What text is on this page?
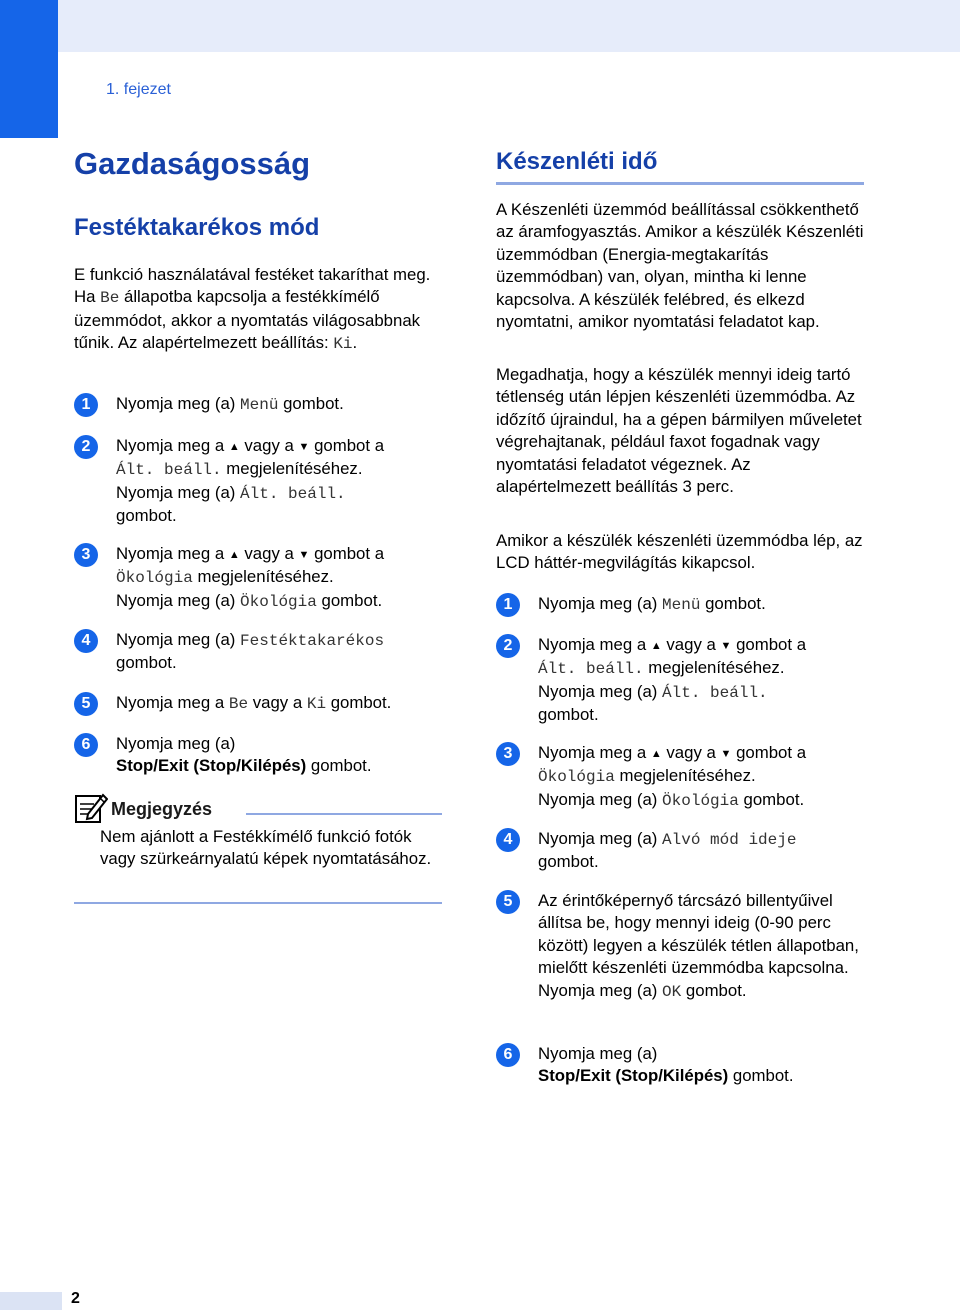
1. fejezet
Gazdaságosság
Festéktakarékos mód

E funkció használatával festéket takaríthat meg. Ha Be állapotba kapcsolja a festékkímélő üzemmódot, akkor a nyomtatás világosabbnak tűnik. Az alapértelmezett beállítás: Ki.

1	Nyomja meg (a) Menü gombot.

2	Nyomja meg a ▲ vagy a ▼ gombot a
Ált. beáll. megjelenítéséhez.
Nyomja meg (a) Ált. beáll.
gombot.

3	Nyomja meg a ▲ vagy a ▼ gombot a
Ökológia megjelenítéséhez.
Nyomja meg (a) Ökológia gombot.

4	Nyomja meg (a) Festéktakarékos
gombot.

5	Nyomja meg a Be vagy a Ki gombot.

6	Nyomja meg (a)
Stop/Exit (Stop/Kilépés) gombot.

Megjegyzés

Nem ajánlott a Festékkímélő funkció fotók vagy szürkeárnyalatú képek nyomtatásához.

Készenléti idő

A Készenléti üzemmód beállítással csökkenthető az áramfogyasztás. Amikor a készülék Készenléti üzemmódban (Energia-megtakarítás üzemmódban) van, olyan, mintha ki lenne kapcsolva. A készülék felébred, és elkezd nyomtatni, amikor nyomtatási feladatot kap.

Megadhatja, hogy a készülék mennyi ideig tartó tétlenség után lépjen készenléti üzemmódba. Az időzítő újraindul, ha a gépen bármilyen műveletet végrehajtanak, például faxot fogadnak vagy nyomtatási feladatot végeznek. Az alapértelmezett beállítás 3 perc.

Amikor a készülék készenléti üzemmódba lép, az LCD háttér-megvilágítás kikapcsol.

1	Nyomja meg (a) Menü gombot.

2	Nyomja meg a ▲ vagy a ▼ gombot a
Ált. beáll. megjelenítéséhez.
Nyomja meg (a) Ált. beáll.
gombot.

3	Nyomja meg a ▲ vagy a ▼ gombot a
Ökológia megjelenítéséhez.
Nyomja meg (a) Ökológia gombot.

4	Nyomja meg (a) Alvó mód ideje
gombot.

5	Az érintőképernyő tárcsázó billentyűivel állítsa be, hogy mennyi ideig (0-90 perc között) legyen a készülék tétlen állapotban, mielőtt készenléti üzemmódba kapcsolna.
Nyomja meg (a) OK gombot.

6	Nyomja meg (a)
Stop/Exit (Stop/Kilépés) gombot.

2
